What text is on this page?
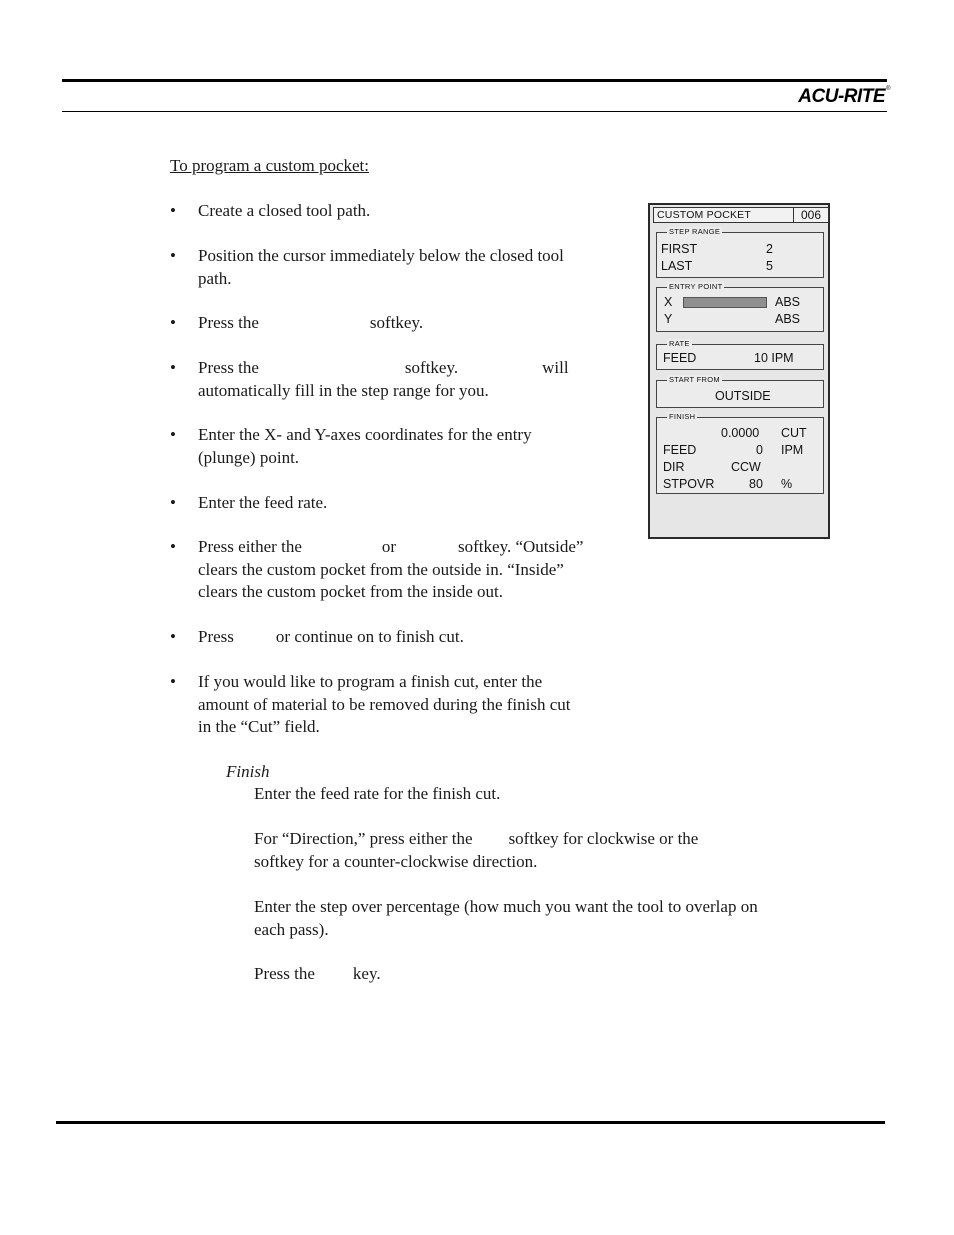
ACU-RITE®
To program a custom pocket:
• Create a closed tool path.
• Position the cursor immediately below the closed tool
path.
• Press the	softkey.
• Press the	softkey.	will
automatically fill in the step range for you.
• Enter the X- and Y-axes coordinates for the entry
(plunge) point.
• Enter the feed rate.
• Press either the	or	softkey. “Outside”
clears the custom pocket from the outside in. “Inside”
clears the custom pocket from the inside out.
• Press or continue on to finish cut.
• If you would like to program a finish cut, enter the
amount of material to be removed during the finish cut
in the “Cut” field.
Finish
Enter the feed rate for the finish cut.
For “Direction,” press either the softkey for clockwise or the
softkey for a counter-clockwise direction.
Enter the step over percentage (how much you want the tool to overlap on
each pass).
Press the key.
CUSTOM POCKET	006
STEP RANGE
FIRST	2
LAST	5
ENTRY POINT
X	ABS
Y	ABS
RATE
FEED	10 IPM
START FROM
OUTSIDE
FINISH
0.0000 CUT
FEED	0 IPM
DIR	CCW
STPOVR	80 %
